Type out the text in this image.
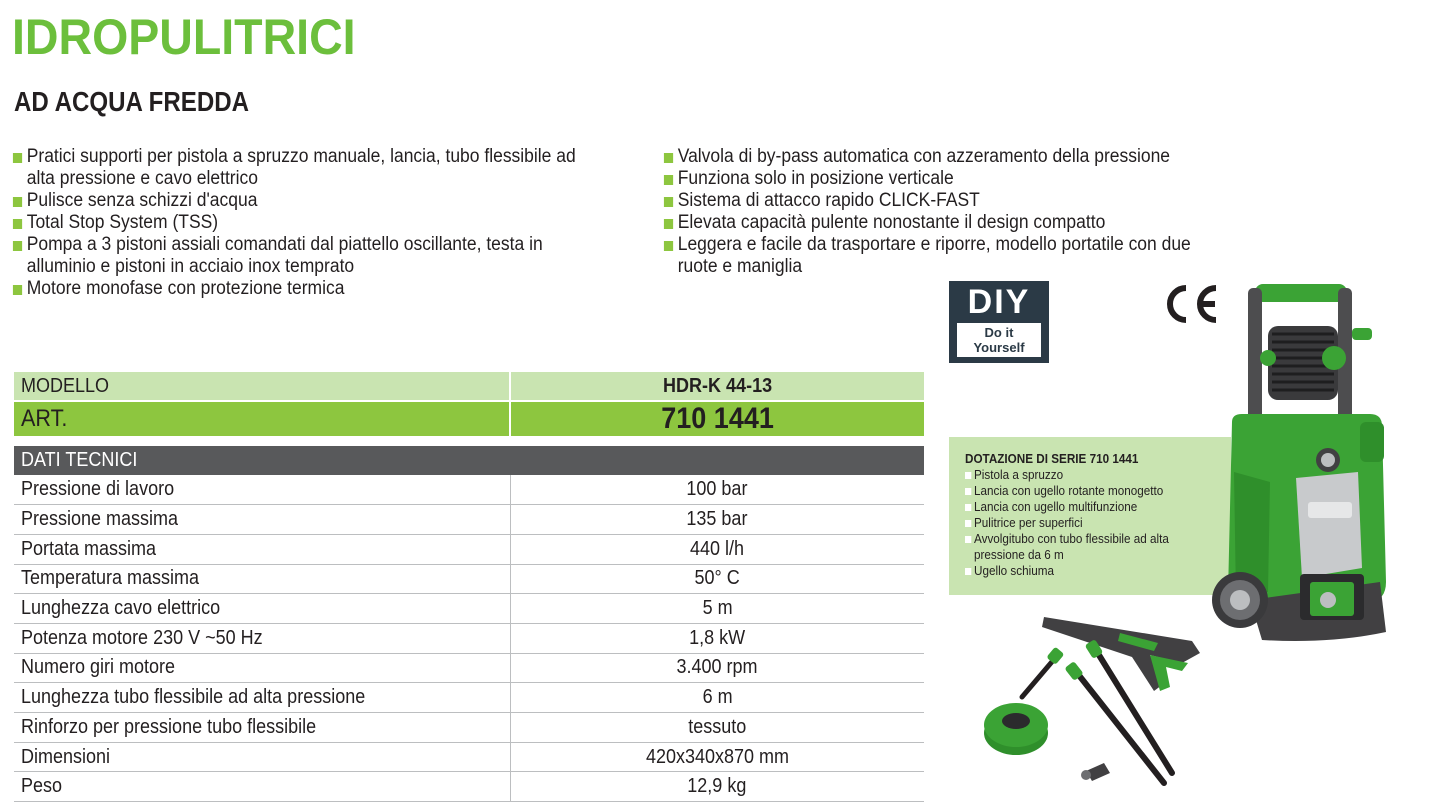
IDROPULITRICI
AD ACQUA FREDDA
Pratici supporti per pistola a spruzzo manuale, lancia, tubo flessibile ad
alta pressione e cavo elettrico
Pulisce senza schizzi d'acqua
Total Stop System (TSS)
Pompa a 3 pistoni assiali comandati dal piattello oscillante, testa in
alluminio e pistoni in acciaio inox temprato
Motore monofase con protezione termica
Valvola di by-pass automatica con azzeramento della pressione
Funziona solo in posizione verticale
Sistema di attacco rapido CLICK-FAST
Elevata capacità pulente nonostante il design compatto
Leggera e facile da trasportare e riporre, modello portatile con due
ruote e maniglia
MODELLO	HDR-K 44-13
ART.	710 1441
DATI TECNICI	
Pressione di lavoro	100 bar
Pressione massima	135 bar
Portata massima	440 l/h
Temperatura massima	50° C
Lunghezza cavo elettrico	5 m
Potenza motore 230 V ~50 Hz	1,8 kW
Numero giri motore	3.400 rpm
Lunghezza tubo flessibile ad alta pressione	6 m
Rinforzo per pressione tubo flessibile	tessuto
Dimensioni	420x340x870 mm
Peso	12,9 kg
DIY
Do it
Yourself
DOTAZIONE DI SERIE 710 1441
Pistola a spruzzo
Lancia con ugello rotante monogetto
Lancia con ugello multifunzione
Pulitrice per superfici
Avvolgitubo con tubo flessibile ad alta
pressione da 6 m
Ugello schiuma
